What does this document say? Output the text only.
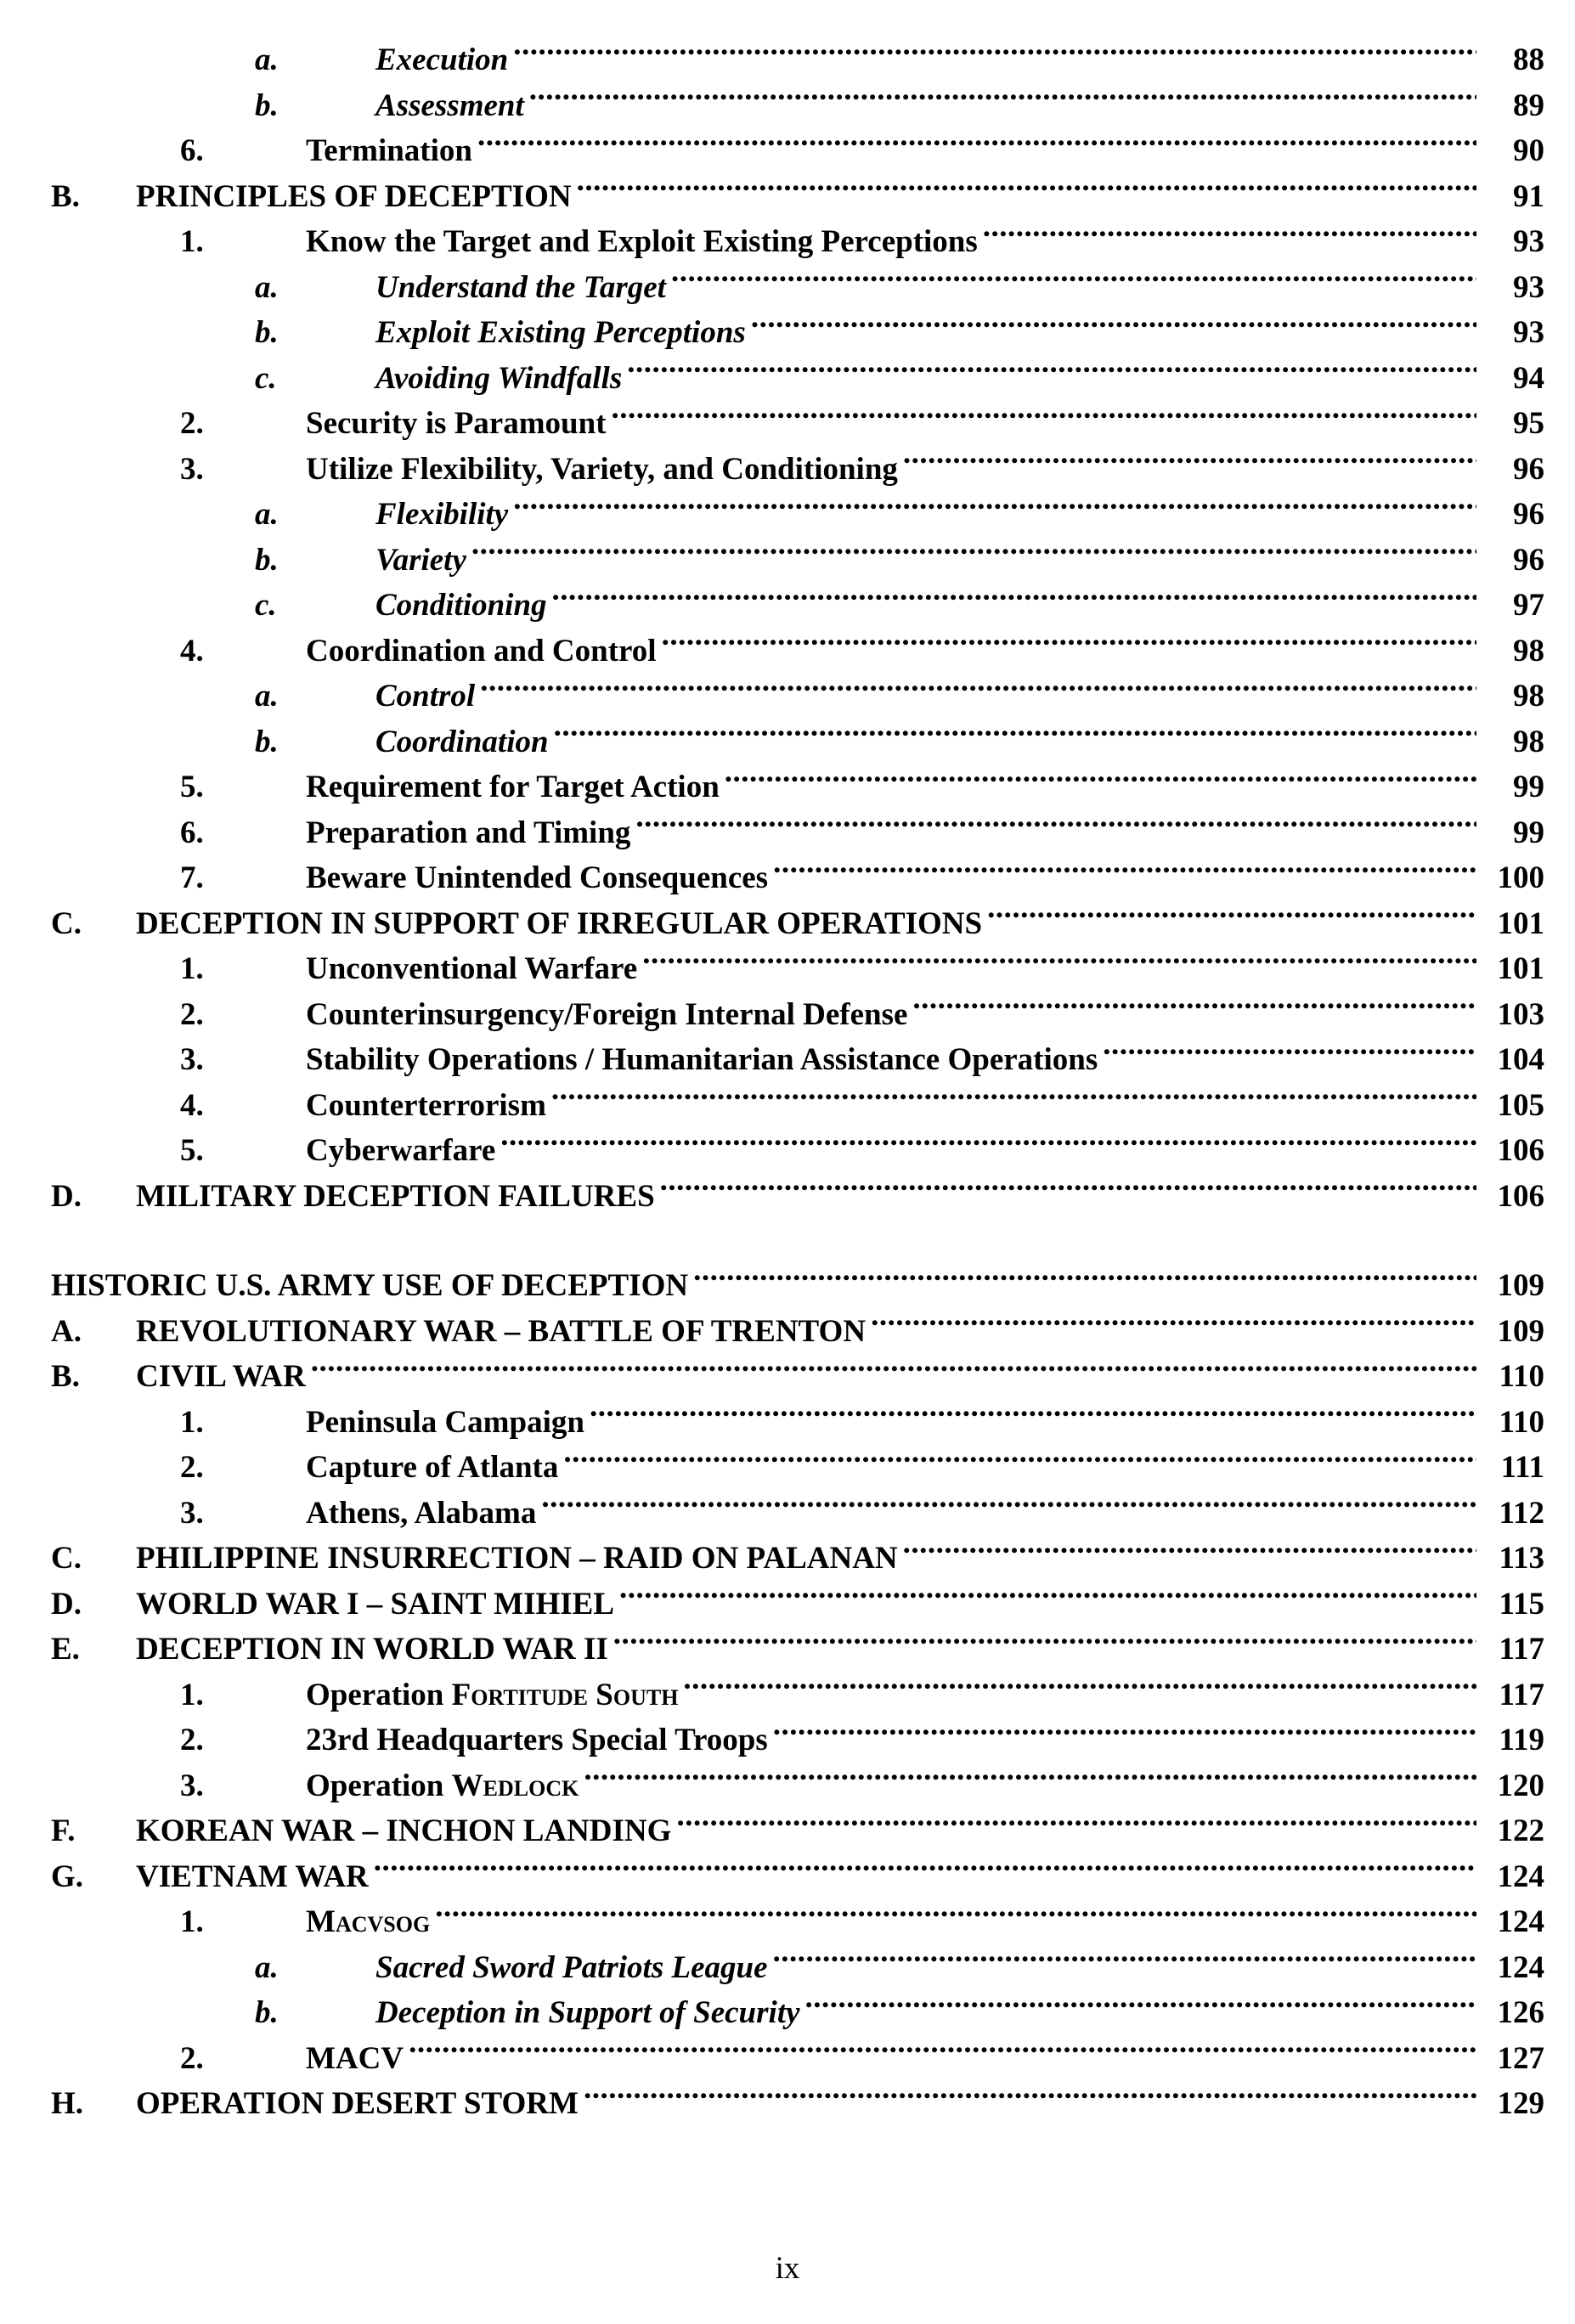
a.	Execution .....	88
b.	Assessment .....	89
6.	Termination .....	90
B.	PRINCIPLES OF DECEPTION .....	91
1.	Know the Target and Exploit Existing Perceptions .....	93
a.	Understand the Target .....	93
b.	Exploit Existing Perceptions .....	93
c.	Avoiding Windfalls .....	94
2.	Security is Paramount .....	95
3.	Utilize Flexibility, Variety, and Conditioning .....	96
a.	Flexibility .....	96
b.	Variety .....	96
c.	Conditioning .....	97
4.	Coordination and Control .....	98
a.	Control .....	98
b.	Coordination .....	98
5.	Requirement for Target Action .....	99
6.	Preparation and Timing .....	99
7.	Beware Unintended Consequences .....	100
C.	DECEPTION IN SUPPORT OF IRREGULAR OPERATIONS .....	101
1.	Unconventional Warfare .....	101
2.	Counterinsurgency/Foreign Internal Defense .....	103
3.	Stability Operations / Humanitarian Assistance Operations .....	104
4.	Counterterrorism .....	105
5.	Cyberwarfare .....	106
D.	MILITARY DECEPTION FAILURES .....	106
HISTORIC U.S. ARMY USE OF DECEPTION .....	109
A.	REVOLUTIONARY WAR – BATTLE OF TRENTON .....	109
B.	CIVIL WAR .....	110
1.	Peninsula Campaign .....	110
2.	Capture of Atlanta .....	111
3.	Athens, Alabama .....	112
C.	PHILIPPINE INSURRECTION – RAID ON PALANAN .....	113
D.	WORLD WAR I – SAINT MIHIEL .....	115
E.	DECEPTION IN WORLD WAR II .....	117
1.	Operation Fortitude South .....	117
2.	23rd Headquarters Special Troops .....	119
3.	Operation Wedlock .....	120
F.	KOREAN WAR – INCHON LANDING .....	122
G.	VIETNAM WAR .....	124
1.	Macvsog .....	124
a.	Sacred Sword Patriots League .....	124
b.	Deception in Support of Security .....	126
2.	MACV .....	127
H.	OPERATION DESERT STORM .....	129
ix
